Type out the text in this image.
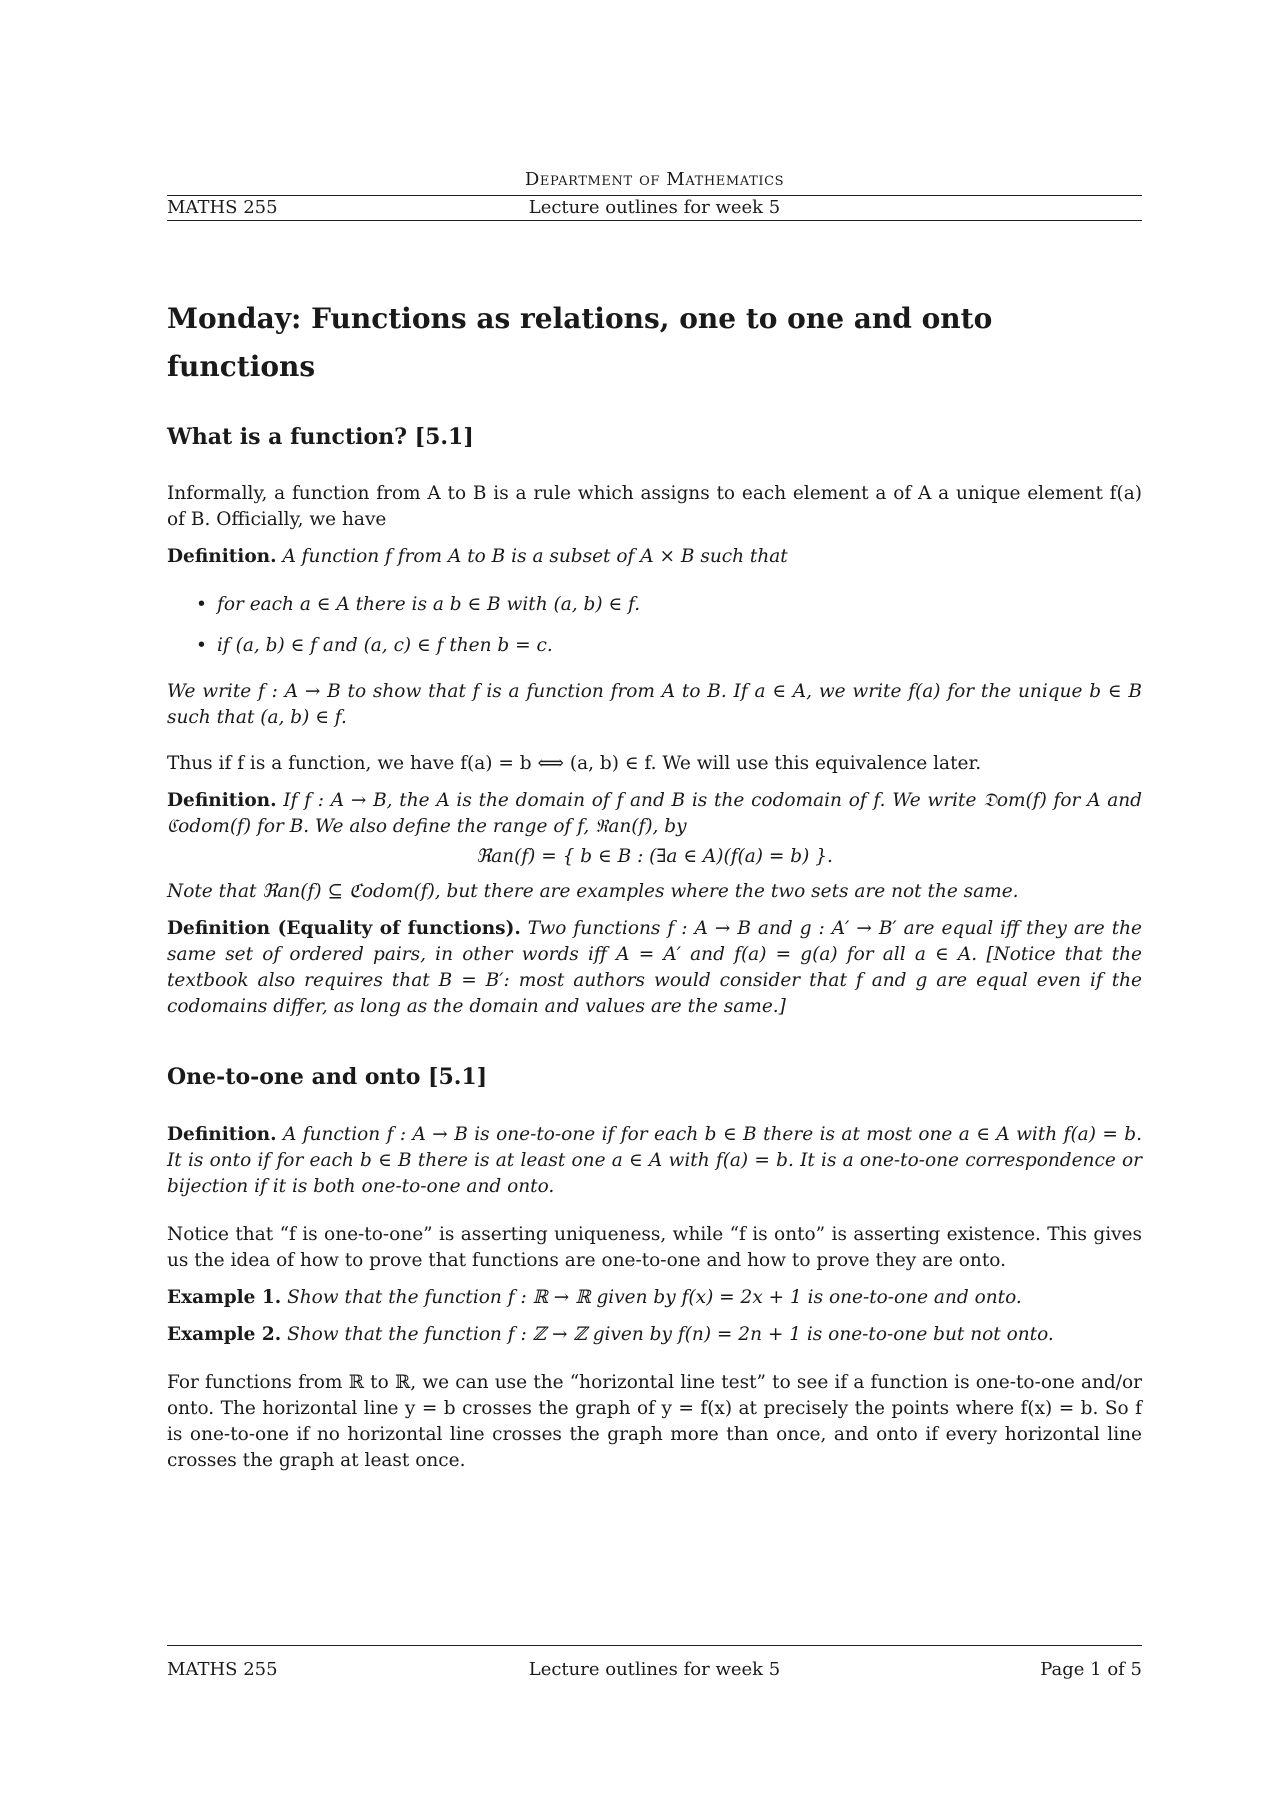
Department of Mathematics
MATHS 255	Lecture outlines for week 5
Monday: Functions as relations, one to one and onto functions
What is a function? [5.1]

Informally, a function from A to B is a rule which assigns to each element a of A a unique element f(a) of B. Officially, we have

Definition. A function f from A to B is a subset of A × B such that

• for each a ∈ A there is a b ∈ B with (a, b) ∈ f.
• if (a, b) ∈ f and (a, c) ∈ f then b = c.

We write f : A → B to show that f is a function from A to B. If a ∈ A, we write f(a) for the unique b ∈ B such that (a, b) ∈ f.

Thus if f is a function, we have f(a) = b ⟺ (a, b) ∈ f. We will use this equivalence later.

Definition. If f : A → B, the A is the domain of f and B is the codomain of f. We write 𝔇om(f) for A and ℭodom(f) for B. We also define the range of f, ℜan(f), by

ℜan(f) = { b ∈ B : (∃a ∈ A)(f(a) = b) }.

Note that ℜan(f) ⊆ ℭodom(f), but there are examples where the two sets are not the same.

Definition (Equality of functions). Two functions f : A → B and g : A′ → B′ are equal iff they are the same set of ordered pairs, in other words iff A = A′ and f(a) = g(a) for all a ∈ A. [Notice that the textbook also requires that B = B′: most authors would consider that f and g are equal even if the codomains differ, as long as the domain and values are the same.]

One-to-one and onto [5.1]

Definition. A function f : A → B is one-to-one if for each b ∈ B there is at most one a ∈ A with f(a) = b. It is onto if for each b ∈ B there is at least one a ∈ A with f(a) = b. It is a one-to-one correspondence or bijection if it is both one-to-one and onto.

Notice that “f is one-to-one” is asserting uniqueness, while “f is onto” is asserting existence. This gives us the idea of how to prove that functions are one-to-one and how to prove they are onto.

Example 1. Show that the function f : ℝ → ℝ given by f(x) = 2x + 1 is one-to-one and onto.

Example 2. Show that the function f : ℤ → ℤ given by f(n) = 2n + 1 is one-to-one but not onto.

For functions from ℝ to ℝ, we can use the “horizontal line test” to see if a function is one-to-one and/or onto. The horizontal line y = b crosses the graph of y = f(x) at precisely the points where f(x) = b. So f is one-to-one if no horizontal line crosses the graph more than once, and onto if every horizontal line crosses the graph at least once.

MATHS 255	Lecture outlines for week 5	Page 1 of 5
